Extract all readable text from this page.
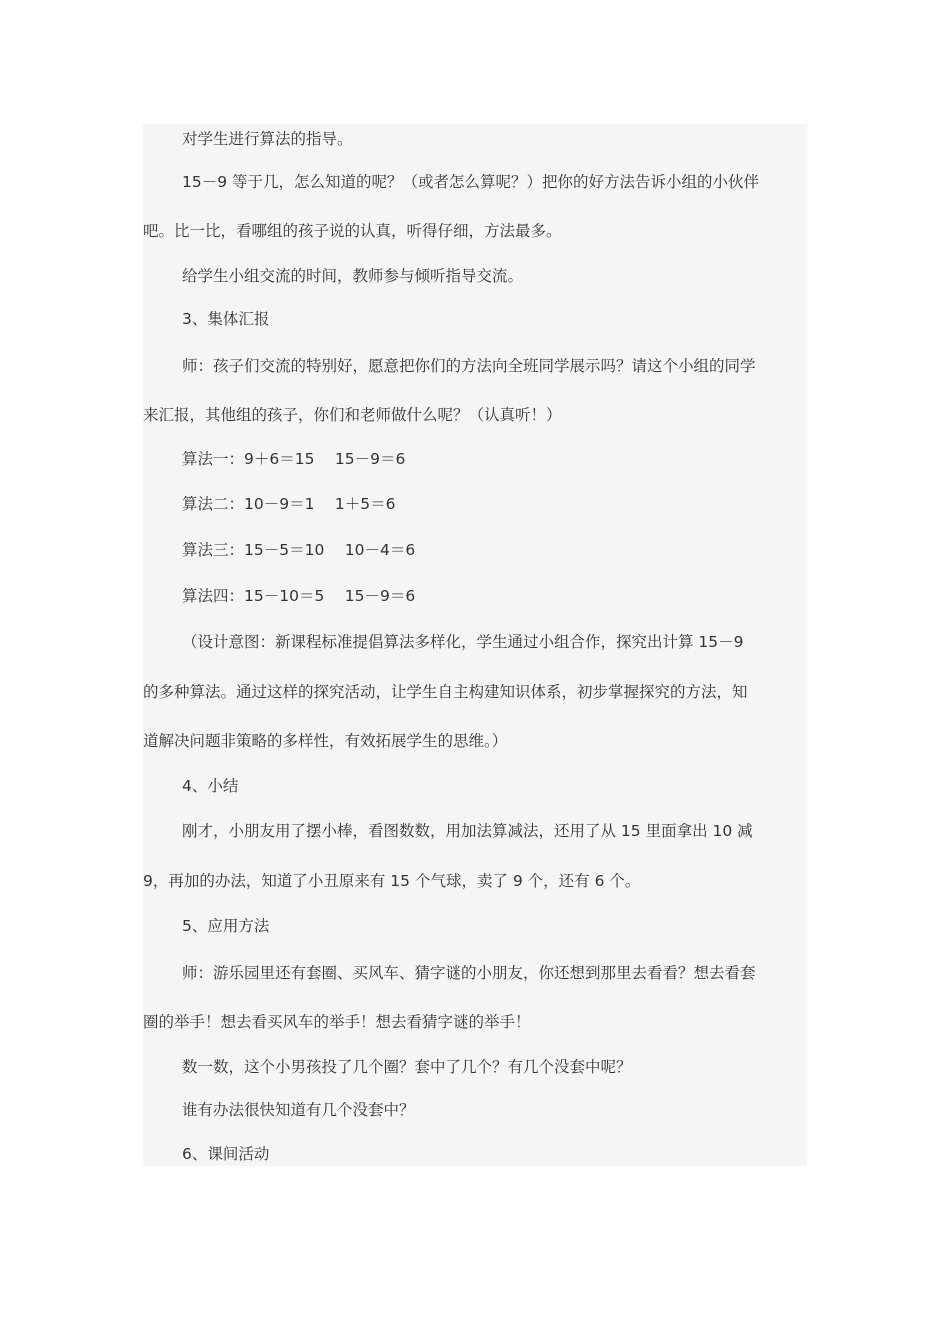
对学生进行算法的指导。

15－9 等于几，怎么知道的呢？（或者怎么算呢？）把你的好方法告诉小组的小伙伴

吧。比一比，看哪组的孩子说的认真，听得仔细，方法最多。

给学生小组交流的时间，教师参与倾听指导交流。

3、集体汇报

师：孩子们交流的特别好，愿意把你们的方法向全班同学展示吗？请这个小组的同学

来汇报，其他组的孩子，你们和老师做什么呢？（认真听！）

算法一：9＋6＝15　 15－9＝6

算法二：10－9＝1　 1＋5＝6

算法三：15－5＝10　 10－4＝6

算法四：15－10＝5　 15－9＝6

（设计意图：新课程标准提倡算法多样化，学生通过小组合作，探究出计算 15－9

的多种算法。通过这样的探究活动，让学生自主构建知识体系，初步掌握探究的方法，知

道解决问题非策略的多样性，有效拓展学生的思维。）

4、小结

刚才，小朋友用了摆小棒，看图数数，用加法算减法，还用了从 15 里面拿出 10 减

9，再加的办法，知道了小丑原来有 15 个气球，卖了 9 个，还有 6 个。

5、应用方法

师：游乐园里还有套圈、买风车、猜字谜的小朋友，你还想到那里去看看？想去看套

圈的举手！想去看买风车的举手！想去看猜字谜的举手！

数一数，这个小男孩投了几个圈？套中了几个？有几个没套中呢？

谁有办法很快知道有几个没套中？

6、课间活动
